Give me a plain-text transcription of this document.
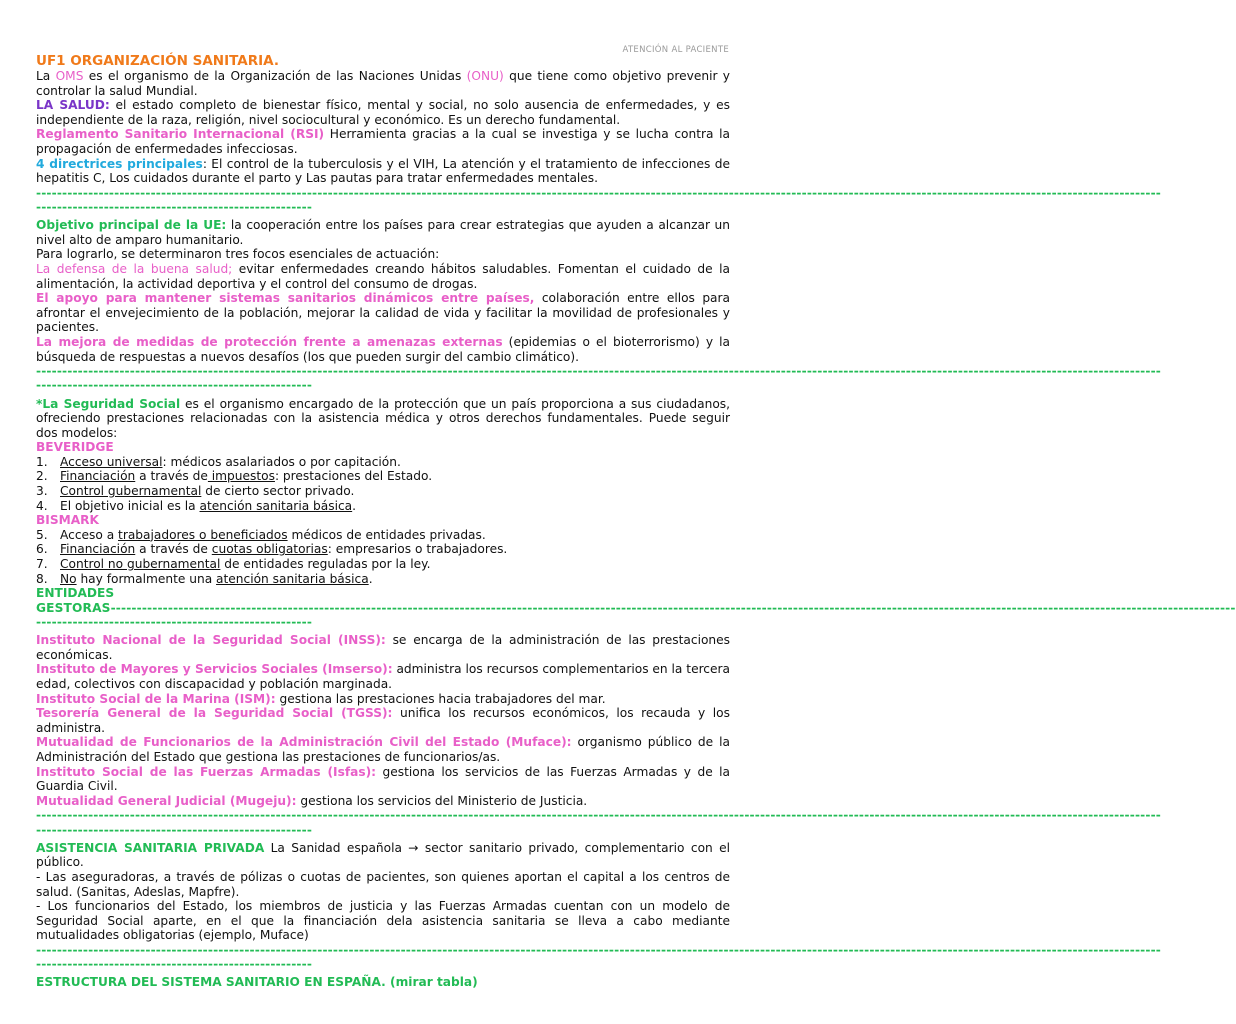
ATENCIÓN AL PACIENTE
UF1 ORGANIZACIÓN SANITARIA.

La OMS es el organismo de la Organización de las Naciones Unidas (ONU) que tiene como objetivo prevenir y controlar la salud Mundial.

LA SALUD: el estado completo de bienestar físico, mental y social, no solo ausencia de enfermedades, y es independiente de la raza, religión, nivel sociocultural y económico. Es un derecho fundamental.

Reglamento Sanitario Internacional (RSI) Herramienta gracias a la cual se investiga y se lucha contra la propagación de enfermedades infecciosas.

4 directrices principales: El control de la tuberculosis y el VIH, La atención y el tratamiento de infecciones de hepatitis C, Los cuidados durante el parto y Las pautas para tratar enfermedades mentales.

------------------------------------------------------------------------------------------------------------------------------------------------------------------------------------------------------------------------
-----------------------------------------------------

Objetivo principal de la UE: la cooperación entre los países para crear estrategias que ayuden a alcanzar un nivel alto de amparo humanitario.

Para lograrlo, se determinaron tres focos esenciales de actuación:

La defensa de la buena salud; evitar enfermedades creando hábitos saludables. Fomentan el cuidado de la alimentación, la actividad deportiva y el control del consumo de drogas.

El apoyo para mantener sistemas sanitarios dinámicos entre países, colaboración entre ellos para afrontar el envejecimiento de la población, mejorar la calidad de vida y facilitar la movilidad de profesionales y pacientes.

La mejora de medidas de protección frente a amenazas externas (epidemias o el bioterrorismo) y la búsqueda de respuestas a nuevos desafíos (los que pueden surgir del cambio climático).

------------------------------------------------------------------------------------------------------------------------------------------------------------------------------------------------------------------------
-----------------------------------------------------

*La Seguridad Social es el organismo encargado de la protección que un país proporciona a sus ciudadanos, ofreciendo prestaciones relacionadas con la asistencia médica y otros derechos fundamentales. Puede seguir dos modelos:

BEVERIDGE
1.	Acceso universal: médicos asalariados o por capitación.
2.	Financiación a través de impuestos: prestaciones del Estado.
3.	Control gubernamental de cierto sector privado.
4.	El objetivo inicial es la atención sanitaria básica.
BISMARK
5.	Acceso a trabajadores o beneficiados médicos de entidades privadas.
6.	Financiación a través de cuotas obligatorias: empresarios o trabajadores.
7.	Control no gubernamental de entidades reguladas por la ley.
8.	No hay formalmente una atención sanitaria básica.
ENTIDADES
GESTORAS------------------------------------------------------------------------------------------------------------------------------------------------------------------------------------------------------------------------
-----------------------------------------------------

Instituto Nacional de la Seguridad Social (INSS): se encarga de la administración de las prestaciones económicas.

Instituto de Mayores y Servicios Sociales (Imserso): administra los recursos complementarios en la tercera edad, colectivos con discapacidad y población marginada.

Instituto Social de la Marina (ISM): gestiona las prestaciones hacia trabajadores del mar.

Tesorería General de la Seguridad Social (TGSS): unifica los recursos económicos, los recauda y los administra.

Mutualidad de Funcionarios de la Administración Civil del Estado (Muface): organismo público de la Administración del Estado que gestiona las prestaciones de funcionarios/as.

Instituto Social de las Fuerzas Armadas (Isfas): gestiona los servicios de las Fuerzas Armadas y de la Guardia Civil.

Mutualidad General Judicial (Mugeju): gestiona los servicios del Ministerio de Justicia.

------------------------------------------------------------------------------------------------------------------------------------------------------------------------------------------------------------------------
-----------------------------------------------------

ASISTENCIA SANITARIA PRIVADA La Sanidad española → sector sanitario privado, complementario con el público.

- Las aseguradoras, a través de pólizas o cuotas de pacientes, son quienes aportan el capital a los centros de salud. (Sanitas, Adeslas, Mapfre).

- Los funcionarios del Estado, los miembros de justicia y las Fuerzas Armadas cuentan con un modelo de Seguridad Social aparte, en el que la financiación dela asistencia sanitaria se lleva a cabo mediante mutualidades obligatorias (ejemplo, Muface)

------------------------------------------------------------------------------------------------------------------------------------------------------------------------------------------------------------------------
-----------------------------------------------------
ESTRUCTURA DEL SISTEMA SANITARIO EN ESPAÑA. (mirar tabla)
